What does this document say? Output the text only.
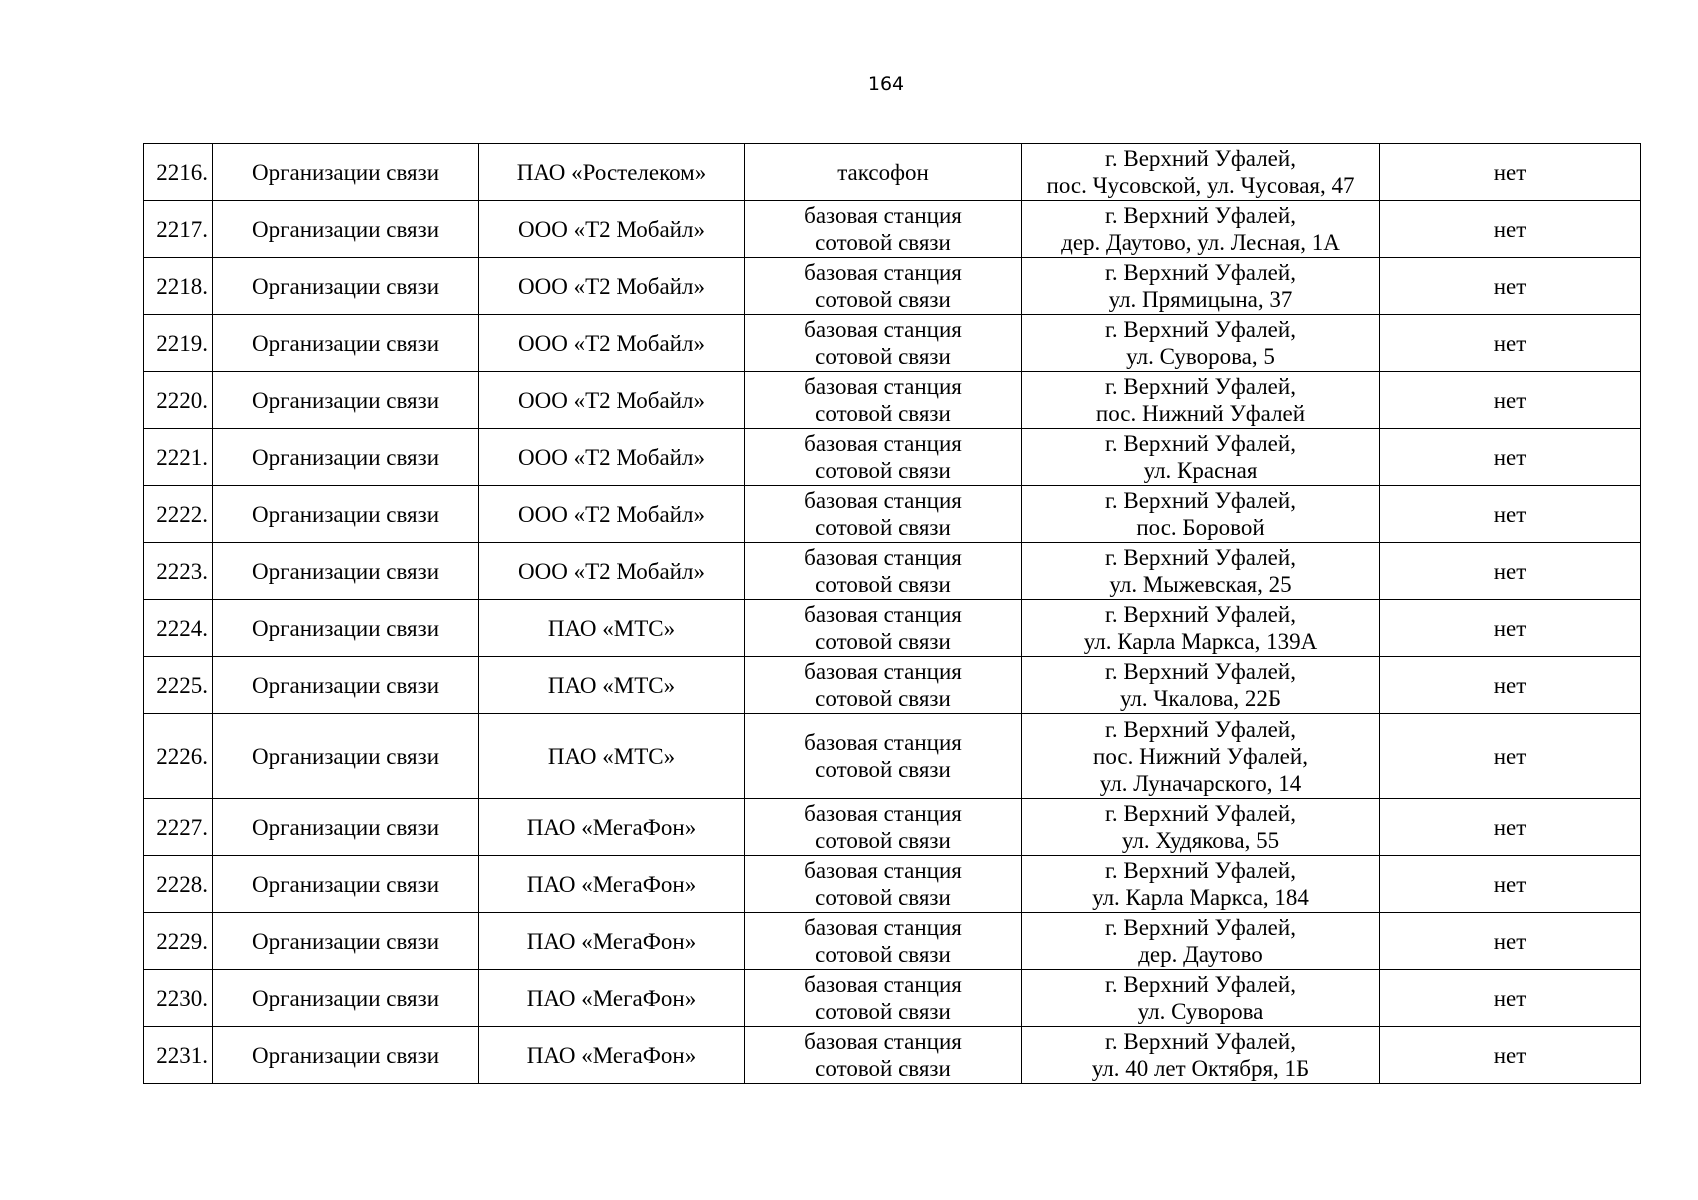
164
2216.	Организации связи	ПАО «Ростелеком»	таксофон	г. Верхний Уфалей,
пос. Чусовской, ул. Чусовая, 47	нет
2217.	Организации связи	ООО «Т2 Мобайл»	базовая станция
сотовой связи	г. Верхний Уфалей,
дер. Даутово, ул. Лесная, 1А	нет
2218.	Организации связи	ООО «Т2 Мобайл»	базовая станция
сотовой связи	г. Верхний Уфалей,
ул. Прямицына, 37	нет
2219.	Организации связи	ООО «Т2 Мобайл»	базовая станция
сотовой связи	г. Верхний Уфалей,
ул. Суворова, 5	нет
2220.	Организации связи	ООО «Т2 Мобайл»	базовая станция
сотовой связи	г. Верхний Уфалей,
пос. Нижний Уфалей	нет
2221.	Организации связи	ООО «Т2 Мобайл»	базовая станция
сотовой связи	г. Верхний Уфалей,
ул. Красная	нет
2222.	Организации связи	ООО «Т2 Мобайл»	базовая станция
сотовой связи	г. Верхний Уфалей,
пос. Боровой	нет
2223.	Организации связи	ООО «Т2 Мобайл»	базовая станция
сотовой связи	г. Верхний Уфалей,
ул. Мыжевская, 25	нет
2224.	Организации связи	ПАО «МТС»	базовая станция
сотовой связи	г. Верхний Уфалей,
ул. Карла Маркса, 139А	нет
2225.	Организации связи	ПАО «МТС»	базовая станция
сотовой связи	г. Верхний Уфалей,
ул. Чкалова, 22Б	нет
2226.	Организации связи	ПАО «МТС»	базовая станция
сотовой связи	г. Верхний Уфалей,
пос. Нижний Уфалей,
ул. Луначарского, 14	нет
2227.	Организации связи	ПАО «МегаФон»	базовая станция
сотовой связи	г. Верхний Уфалей,
ул. Худякова, 55	нет
2228.	Организации связи	ПАО «МегаФон»	базовая станция
сотовой связи	г. Верхний Уфалей,
ул. Карла Маркса, 184	нет
2229.	Организации связи	ПАО «МегаФон»	базовая станция
сотовой связи	г. Верхний Уфалей,
дер. Даутово	нет
2230.	Организации связи	ПАО «МегаФон»	базовая станция
сотовой связи	г. Верхний Уфалей,
ул. Суворова	нет
2231.	Организации связи	ПАО «МегаФон»	базовая станция
сотовой связи	г. Верхний Уфалей,
ул. 40 лет Октября, 1Б	нет
